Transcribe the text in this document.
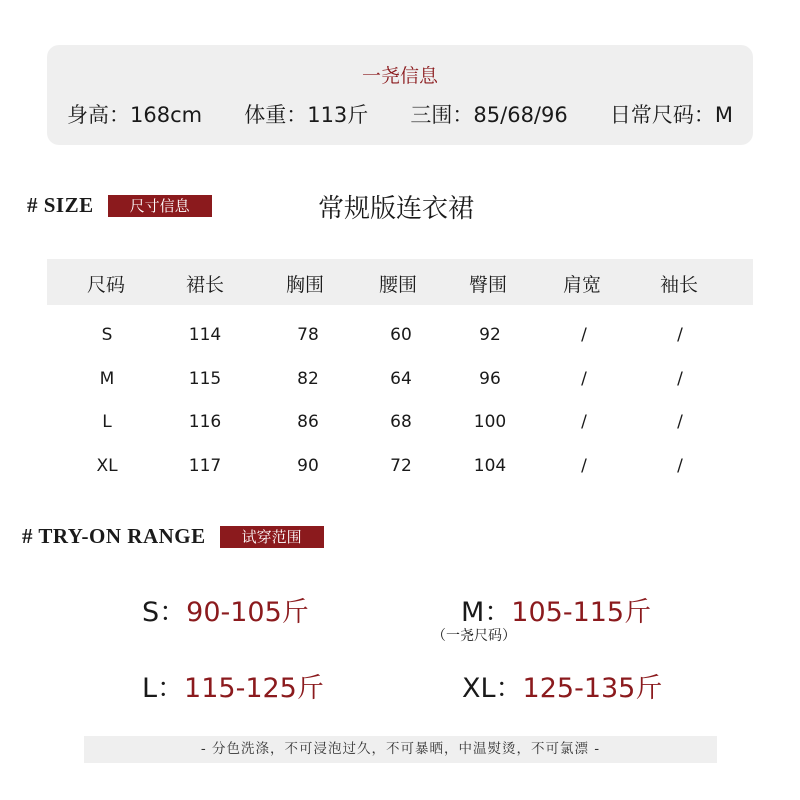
一尧信息
身高：168cm 体重：113斤 三围：85/68/96 日常尺码：M
# SIZE	尺寸信息	常规版连衣裙
尺码	裙长	胸围	腰围	臀围	肩宽	袖长
S	114	78	60	92	/	/
M	115	82	64	96	/	/
L	116	86	68	100	/	/
XL	117	90	72	104	/	/
# TRY-ON RANGE	试穿范围
S：90-105斤	M：105-115斤
（一尧尺码）
L：115-125斤	XL：125-135斤
- 分色洗涤，不可浸泡过久，不可暴晒，中温熨烫，不可氯漂 -
